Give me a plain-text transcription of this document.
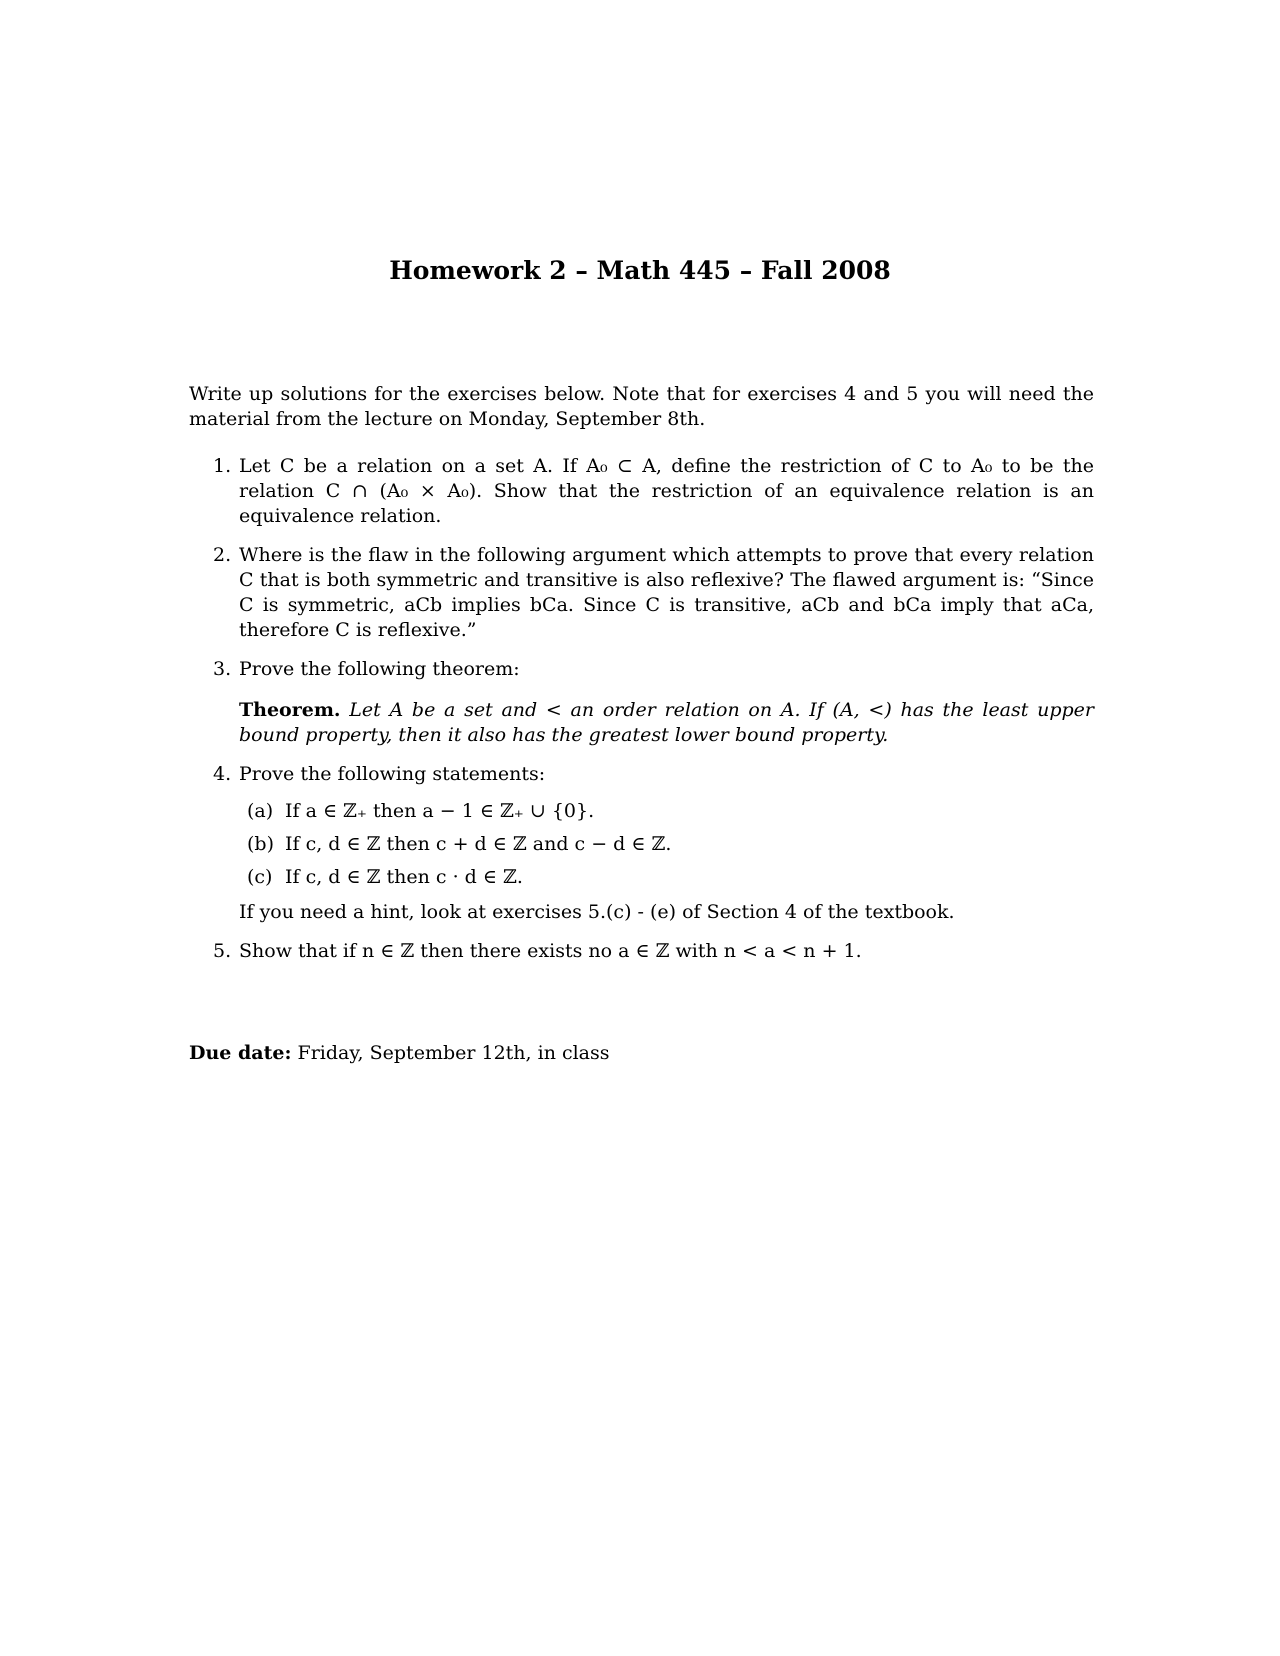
Homework 2 – Math 445 – Fall 2008
Write up solutions for the exercises below. Note that for exercises 4 and 5 you will need the material from the lecture on Monday, September 8th.
1. Let C be a relation on a set A. If A₀ ⊂ A, define the restriction of C to A₀ to be the relation C ∩ (A₀ × A₀). Show that the restriction of an equivalence relation is an equivalence relation.
2. Where is the flaw in the following argument which attempts to prove that every relation C that is both symmetric and transitive is also reflexive? The flawed argument is: “Since C is symmetric, aCb implies bCa. Since C is transitive, aCb and bCa imply that aCa, therefore C is reflexive.”
3. Prove the following theorem:
Theorem. Let A be a set and < an order relation on A. If (A, <) has the least upper bound property, then it also has the greatest lower bound property.
4. Prove the following statements:
(a) If a ∈ ℤ₊ then a − 1 ∈ ℤ₊ ∪ {0}.
(b) If c, d ∈ ℤ then c + d ∈ ℤ and c − d ∈ ℤ.
(c) If c, d ∈ ℤ then c · d ∈ ℤ.
If you need a hint, look at exercises 5.(c) - (e) of Section 4 of the textbook.
5. Show that if n ∈ ℤ then there exists no a ∈ ℤ with n < a < n + 1.
Due date: Friday, September 12th, in class
